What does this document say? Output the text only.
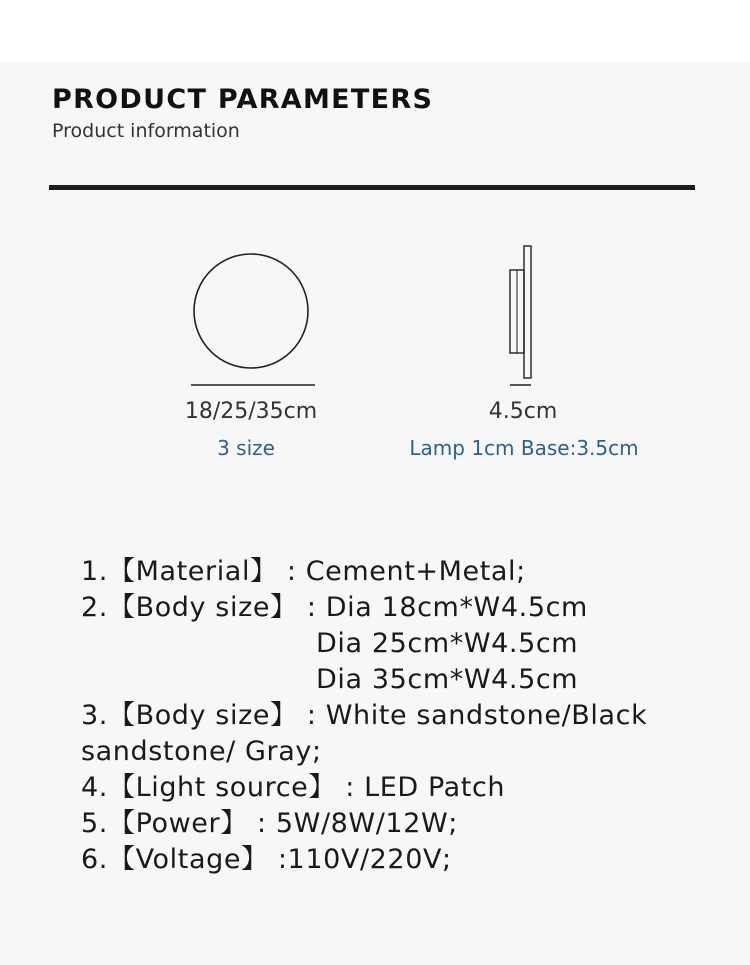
PRODUCT PARAMETERS

Product information

18/25/35cm
3 size
4.5cm
Lamp 1cm Base:3.5cm
1.【Material】 : Cement+Metal;
2.【Body size】 : Dia 18cm*W4.5cm
Dia 25cm*W4.5cm
Dia 35cm*W4.5cm
3.【Body size】 : White sandstone/Black
sandstone/ Gray;
4.【Light source】 : LED Patch
5.【Power】 : 5W/8W/12W;
6.【Voltage】 :110V/220V;
